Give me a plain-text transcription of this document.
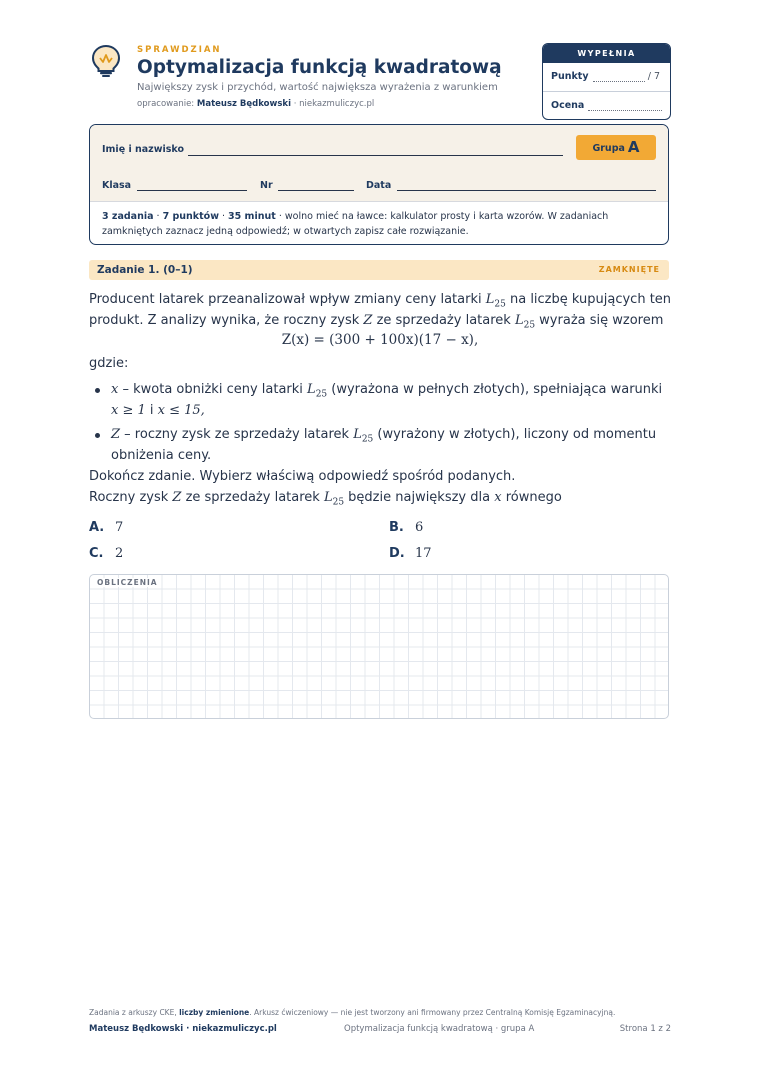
SPRAWDZIAN
Optymalizacja funkcją kwadratową
Największy zysk i przychód, wartość największa wyrażenia z warunkiem
opracowanie: Mateusz Będkowski · niekazmuliczyc.pl
WYPEŁNIA NAUCZYCIEL
Punkty	/ 7
Ocena
Imię i nazwisko	Grupa A
Klasa	Nr	Data
3 zadania · 7 punktów · 35 minut · wolno mieć na ławce: kalkulator prosty i karta wzorów. W zadaniach zamkniętych zaznacz jedną odpowiedź; w otwartych zapisz całe rozwiązanie.
Zadanie 1. (0–1)	ZAMKNIĘTE
Producent latarek przeanalizował wpływ zmiany ceny latarki $L_{25}$ na liczbę kupujących ten
produkt. Z analizy wynika, że roczny zysk Z ze sprzedaży latarek $L_{25}$ wyraża się wzorem
Z(x) = (300 + 100x)(17 − x),
gdzie:
x – kwota obniżki ceny latarki $L_{25}$ (wyrażona w pełnych złotych), spełniająca warunki
x ≥ 1 i x ≤ 15,
Z – roczny zysk ze sprzedaży latarek $L_{25}$ (wyrażony w złotych), liczony od momentu
obniżenia ceny.
Dokończ zdanie. Wybierz właściwą odpowiedź spośród podanych.
Roczny zysk Z ze sprzedaży latarek $L_{25}$ będzie największy dla x równego
A. 7	B. 6
C. 2	D. 17
OBLICZENIA
Zadania z arkuszy CKE, liczby zmienione. Arkusz ćwiczeniowy — nie jest tworzony ani firmowany przez Centralną Komisję Egzaminacyjną.
Mateusz Będkowski · niekazmuliczyc.pl	Optymalizacja funkcją kwadratową · grupa A	Strona 1 z 2
